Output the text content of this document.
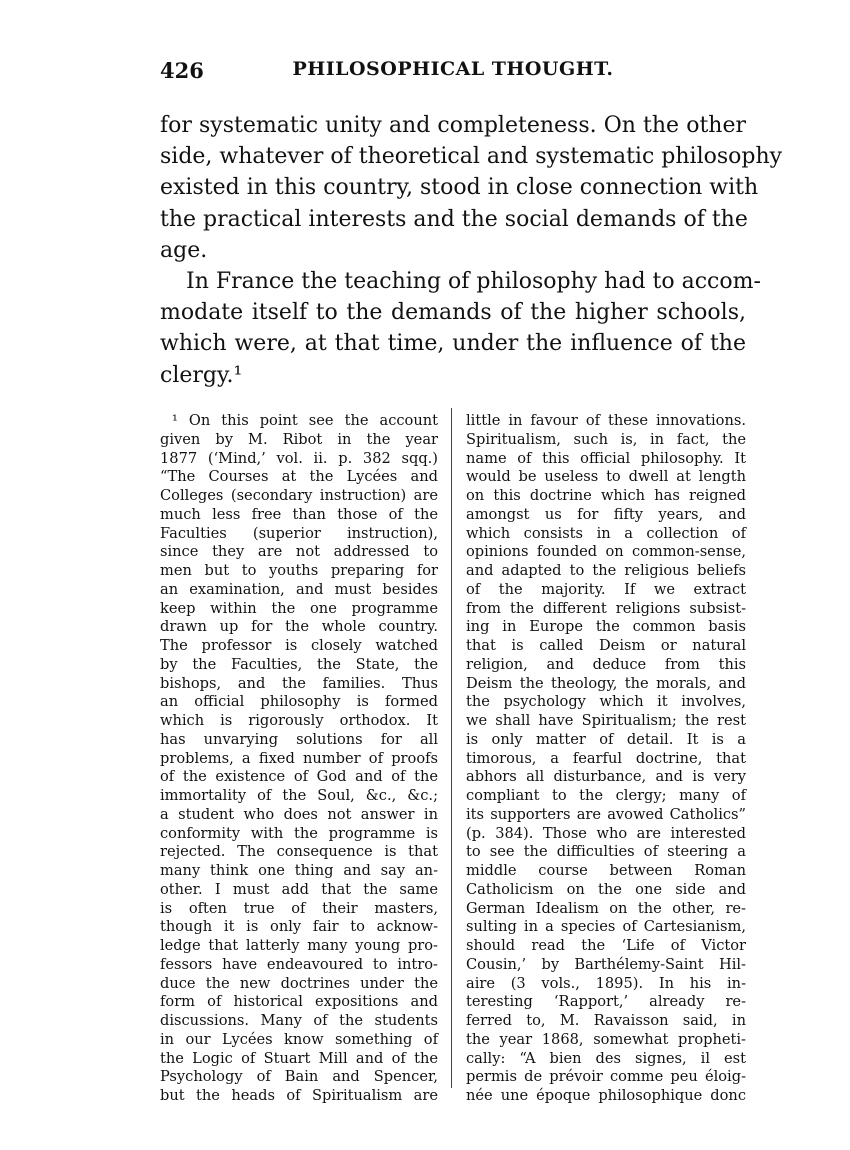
426	PHILOSOPHICAL THOUGHT.
for systematic unity and completeness. On the other
side, whatever of theoretical and systematic philosophy
existed in this country, stood in close connection with
the practical interests and the social demands of the
age.
In France the teaching of philosophy had to accom-
modate itself to the demands of the higher schools,
which were, at that time, under the influence of the
clergy.¹
¹ On this point see the account
given by M. Ribot in the year
1877 (‘Mind,’ vol. ii. p. 382 sqq.)
“The Courses at the Lycées and
Colleges (secondary instruction) are
much less free than those of the
Faculties (superior instruction),
since they are not addressed to
men but to youths preparing for
an examination, and must besides
keep within the one programme
drawn up for the whole country.
The professor is closely watched
by the Faculties, the State, the
bishops, and the families. Thus
an official philosophy is formed
which is rigorously orthodox. It
has unvarying solutions for all
problems, a fixed number of proofs
of the existence of God and of the
immortality of the Soul, &c., &c.;
a student who does not answer in
conformity with the programme is
rejected. The consequence is that
many think one thing and say an-
other. I must add that the same
is often true of their masters,
though it is only fair to acknow-
ledge that latterly many young pro-
fessors have endeavoured to intro-
duce the new doctrines under the
form of historical expositions and
discussions. Many of the students
in our Lycées know something of
the Logic of Stuart Mill and of the
Psychology of Bain and Spencer,
but the heads of Spiritualism are
little in favour of these innovations.
Spiritualism, such is, in fact, the
name of this official philosophy. It
would be useless to dwell at length
on this doctrine which has reigned
amongst us for fifty years, and
which consists in a collection of
opinions founded on common-sense,
and adapted to the religious beliefs
of the majority. If we extract
from the different religions subsist-
ing in Europe the common basis
that is called Deism or natural
religion, and deduce from this
Deism the theology, the morals, and
the psychology which it involves,
we shall have Spiritualism; the rest
is only matter of detail. It is a
timorous, a fearful doctrine, that
abhors all disturbance, and is very
compliant to the clergy; many of
its supporters are avowed Catholics”
(p. 384). Those who are interested
to see the difficulties of steering a
middle course between Roman
Catholicism on the one side and
German Idealism on the other, re-
sulting in a species of Cartesianism,
should read the ‘Life of Victor
Cousin,’ by Barthélemy-Saint Hil-
aire (3 vols., 1895). In his in-
teresting ‘Rapport,’ already re-
ferred to, M. Ravaisson said, in
the year 1868, somewhat propheti-
cally: “A bien des signes, il est
permis de prévoir comme peu éloig-
née une époque philosophique donc
